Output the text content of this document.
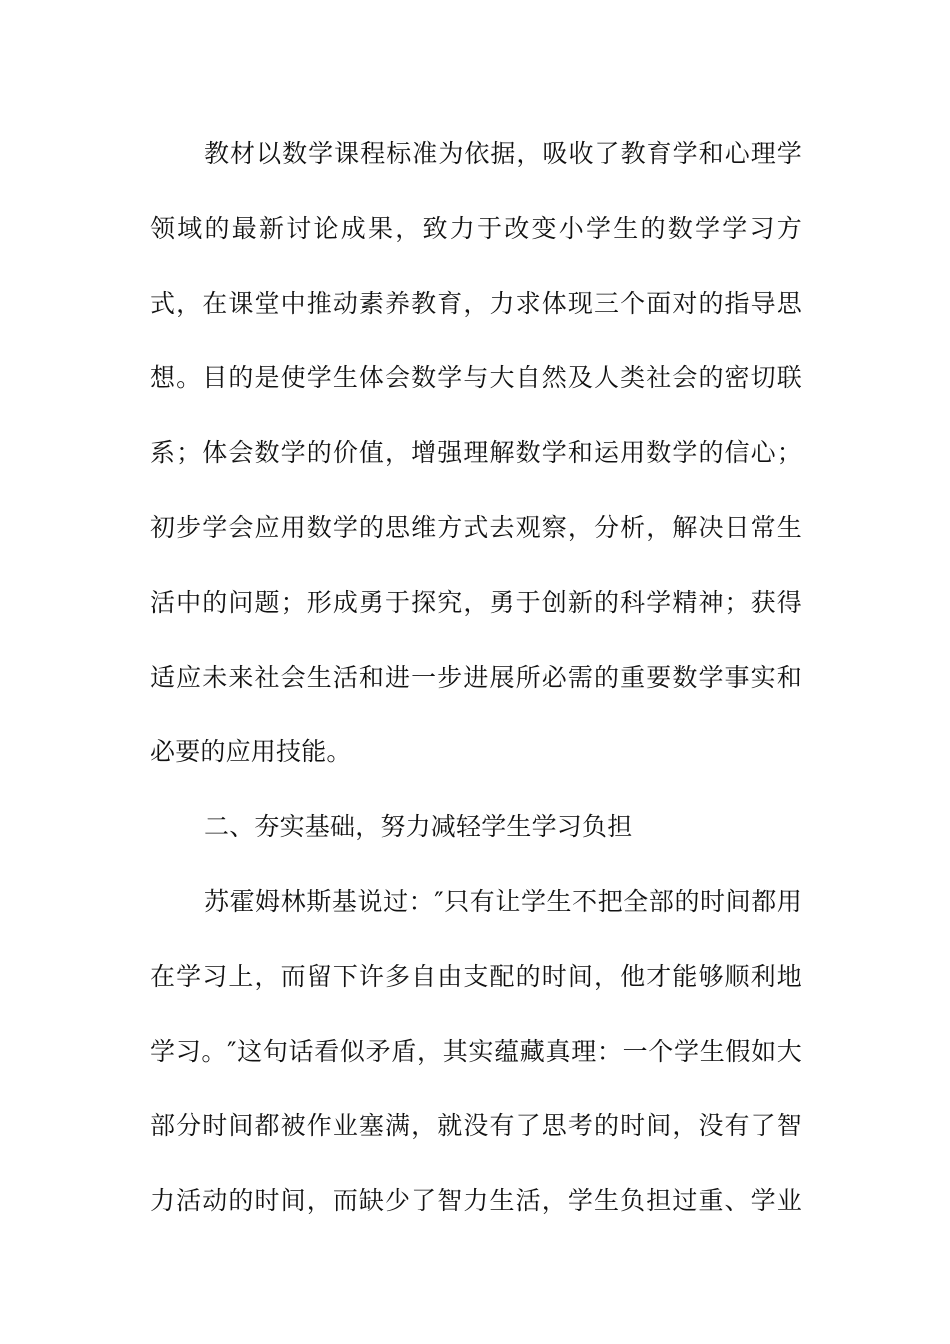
教材以数学课程标准为依据，吸收了教育学和心理学
领域的最新讨论成果，致力于改变小学生的数学学习方
式，在课堂中推动素养教育，力求体现三个面对的指导思
想。目的是使学生体会数学与大自然及人类社会的密切联
系；体会数学的价值，增强理解数学和运用数学的信心；
初步学会应用数学的思维方式去观察，分析，解决日常生
活中的问题；形成勇于探究，勇于创新的科学精神；获得
适应未来社会生活和进一步进展所必需的重要数学事实和
必要的应用技能。
二、夯实基础，努力减轻学生学习负担
苏霍姆林斯基说过：″只有让学生不把全部的时间都用
在学习上，而留下许多自由支配的时间，他才能够顺利地
学习。″这句话看似矛盾，其实蕴藏真理：一个学生假如大
部分时间都被作业塞满，就没有了思考的时间，没有了智
力活动的时间，而缺少了智力生活，学生负担过重、学业
